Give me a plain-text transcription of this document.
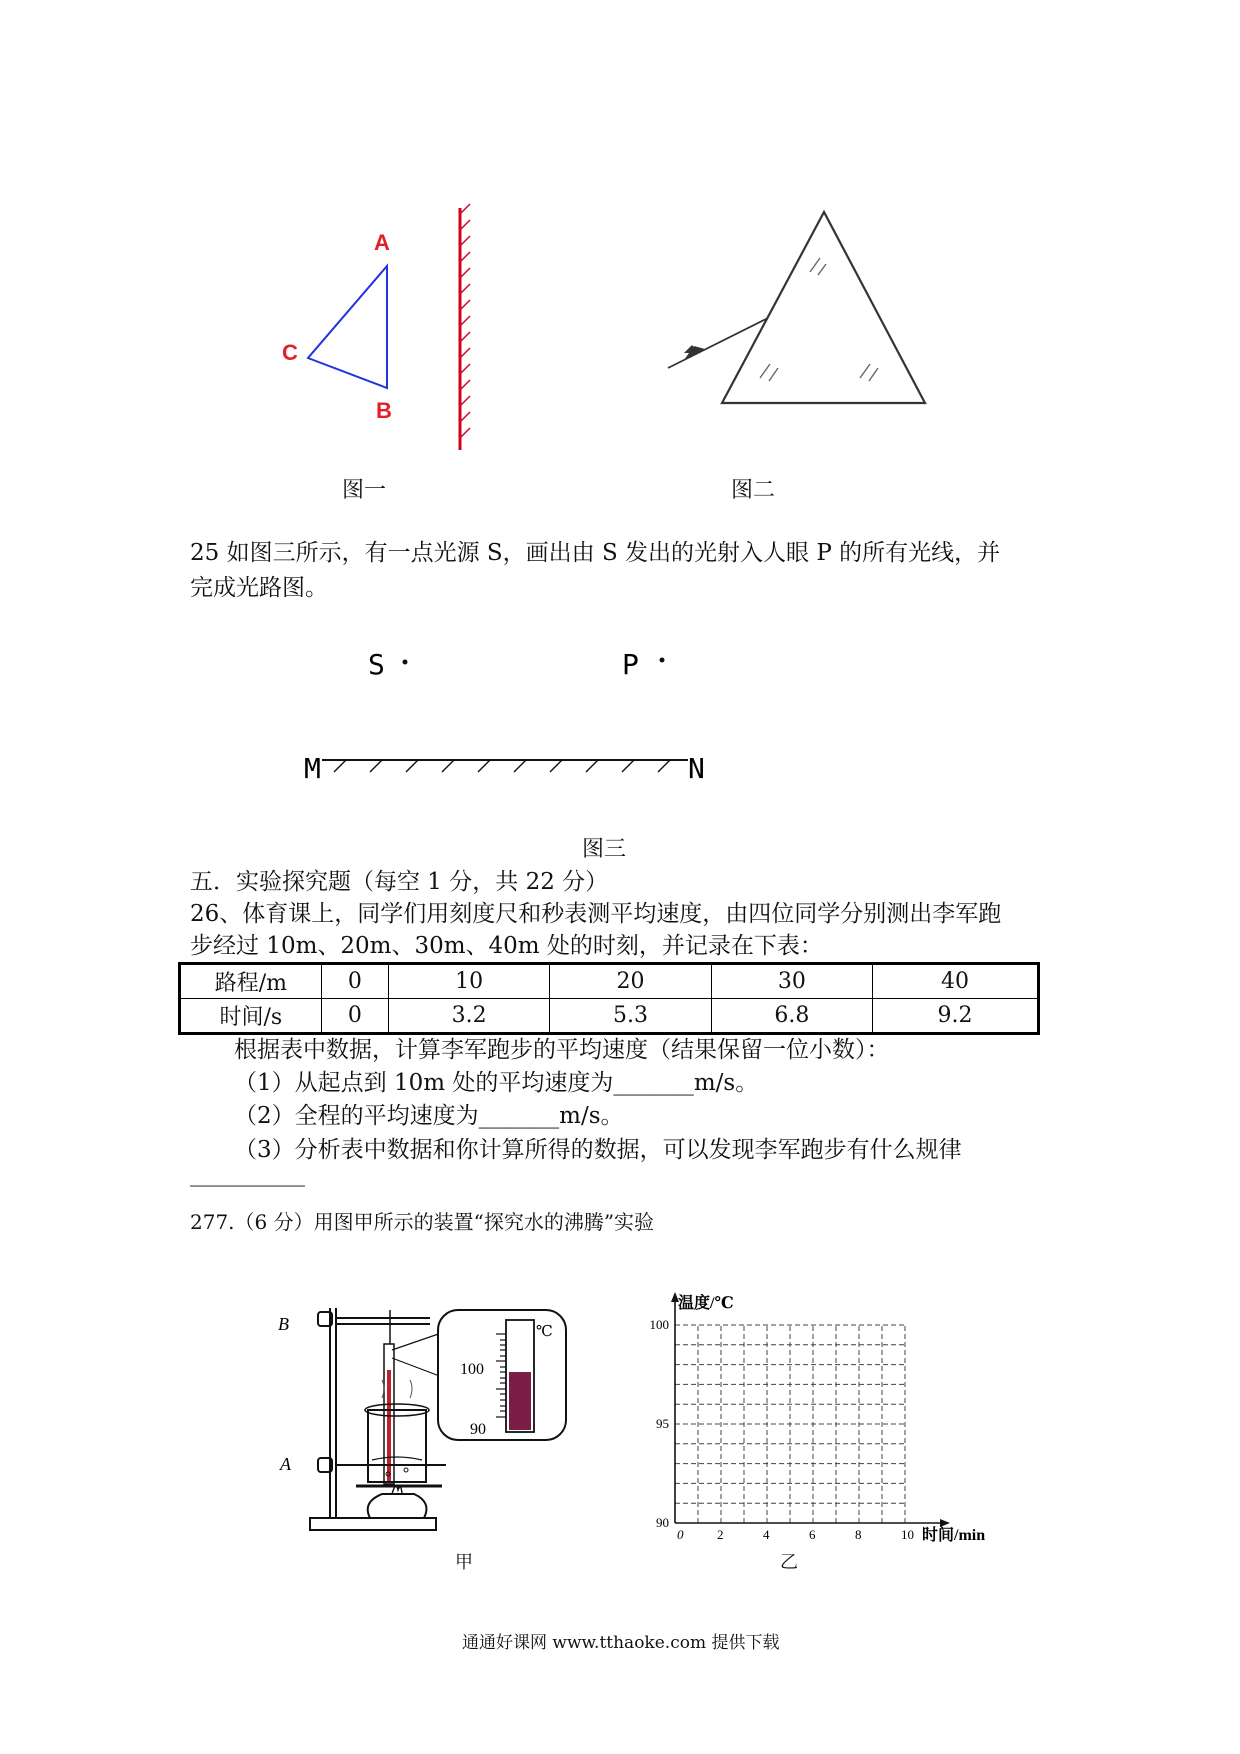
A
C
B
图一	图二
25 如图三所示，有一点光源 S，画出由 S 发出的光射入人眼 P 的所有光线，并
完成光路图。
S	P
M	N
图三
五．实验探究题（每空 1 分，共 22 分）
26、体育课上，同学们用刻度尺和秒表测平均速度，由四位同学分别测出李军跑
步经过 10m、20m、30m、40m 处的时刻，并记录在下表：
路程/m	0	10	20	30	40
时间/s	0	3.2	5.3	6.8	9.2
根据表中数据，计算李军跑步的平均速度（结果保留一位小数）：
（1）从起点到 10m 处的平均速度为_______m/s。
（2）全程的平均速度为_______m/s。
（3）分析表中数据和你计算所得的数据，可以发现李军跑步有什么规律
__________
277.（6 分）用图甲所示的装置“探究水的沸腾”实验
B
A
100
90
℃
甲
0	2	4	6	8	10
90
95
100
温度/℃
时间/min
乙
通通好课网 www.tthaoke.com 提供下载
